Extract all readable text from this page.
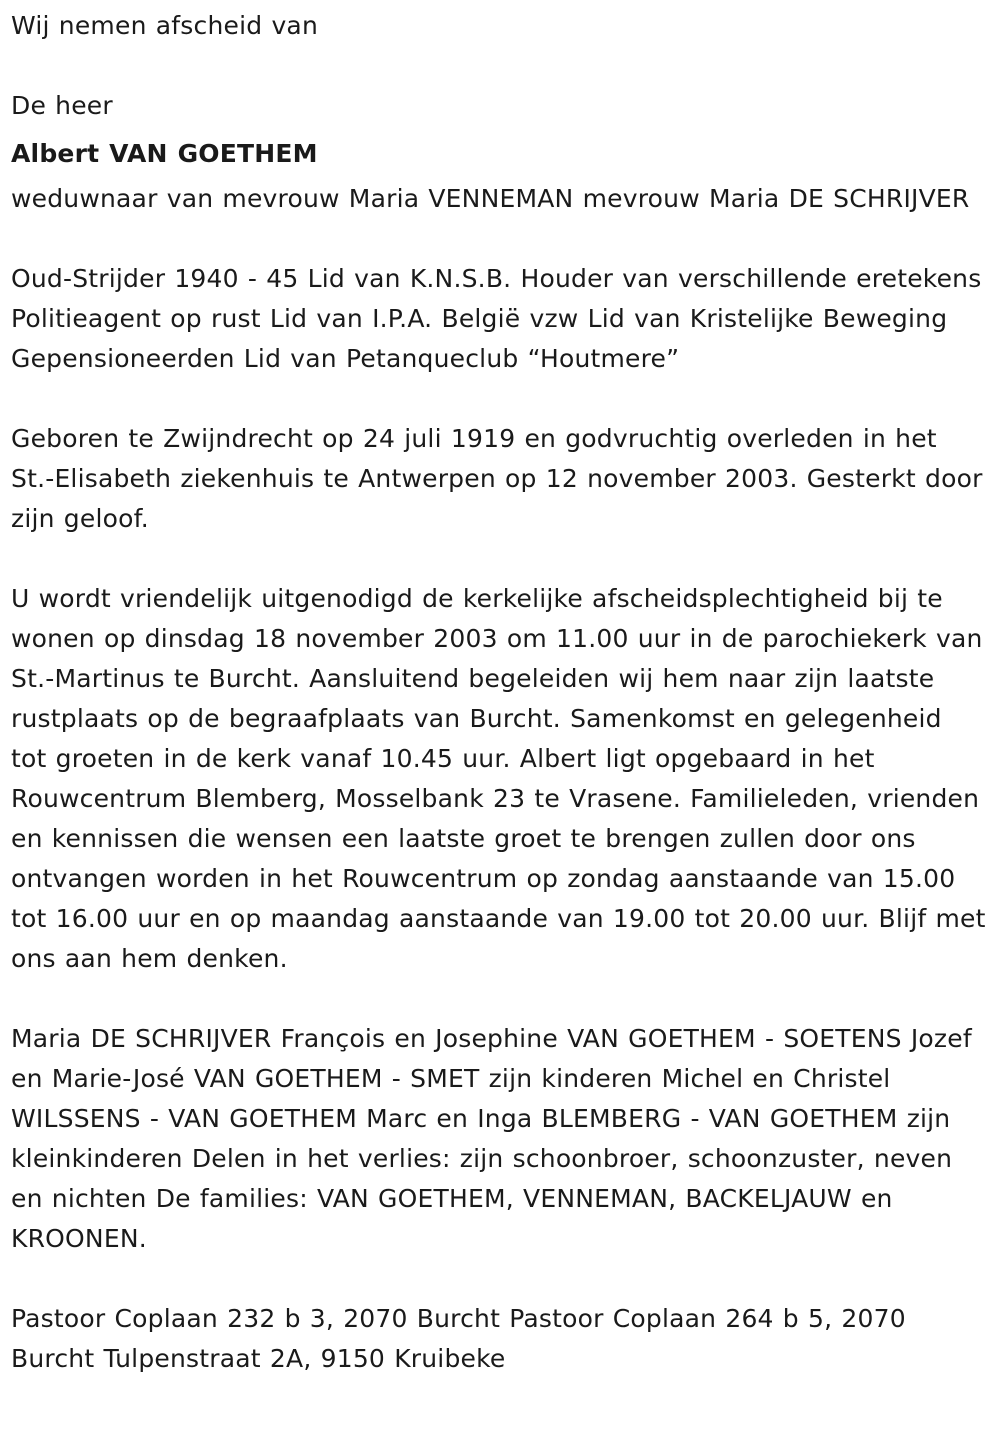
Wij nemen afscheid van

De heer

Albert VAN GOETHEM

weduwnaar van mevrouw Maria VENNEMAN mevrouw Maria DE SCHRIJVER

Oud-Strijder 1940 - 45 Lid van K.N.S.B. Houder van verschillende eretekens Politieagent op rust Lid van I.P.A. België vzw Lid van Kristelijke Beweging Gepensioneerden Lid van Petanqueclub “Houtmere”

Geboren te Zwijndrecht op 24 juli 1919 en godvruchtig overleden in het St.-Elisabeth ziekenhuis te Antwerpen op 12 november 2003. Gesterkt door zijn geloof.

U wordt vriendelijk uitgenodigd de kerkelijke afscheidsplechtigheid bij te wonen op dinsdag 18 november 2003 om 11.00 uur in de parochiekerk van St.-Martinus te Burcht. Aansluitend begeleiden wij hem naar zijn laatste rustplaats op de begraafplaats van Burcht. Samenkomst en gelegenheid tot groeten in de kerk vanaf 10.45 uur. Albert ligt opgebaard in het Rouwcentrum Blemberg, Mosselbank 23 te Vrasene. Familieleden, vrienden en kennissen die wensen een laatste groet te brengen zullen door ons ontvangen worden in het Rouwcentrum op zondag aanstaande van 15.00 tot 16.00 uur en op maandag aanstaande van 19.00 tot 20.00 uur. Blijf met ons aan hem denken.

Maria DE SCHRIJVER François en Josephine VAN GOETHEM - SOETENS Jozef en Marie-José VAN GOETHEM - SMET zijn kinderen Michel en Christel WILSSENS - VAN GOETHEM Marc en Inga BLEMBERG - VAN GOETHEM zijn kleinkinderen Delen in het verlies: zijn schoonbroer, schoonzuster, neven en nichten De families: VAN GOETHEM, VENNEMAN, BACKELJAUW en KROONEN.

Pastoor Coplaan 232 b 3, 2070 Burcht Pastoor Coplaan 264 b 5, 2070 Burcht Tulpenstraat 2A, 9150 Kruibeke
